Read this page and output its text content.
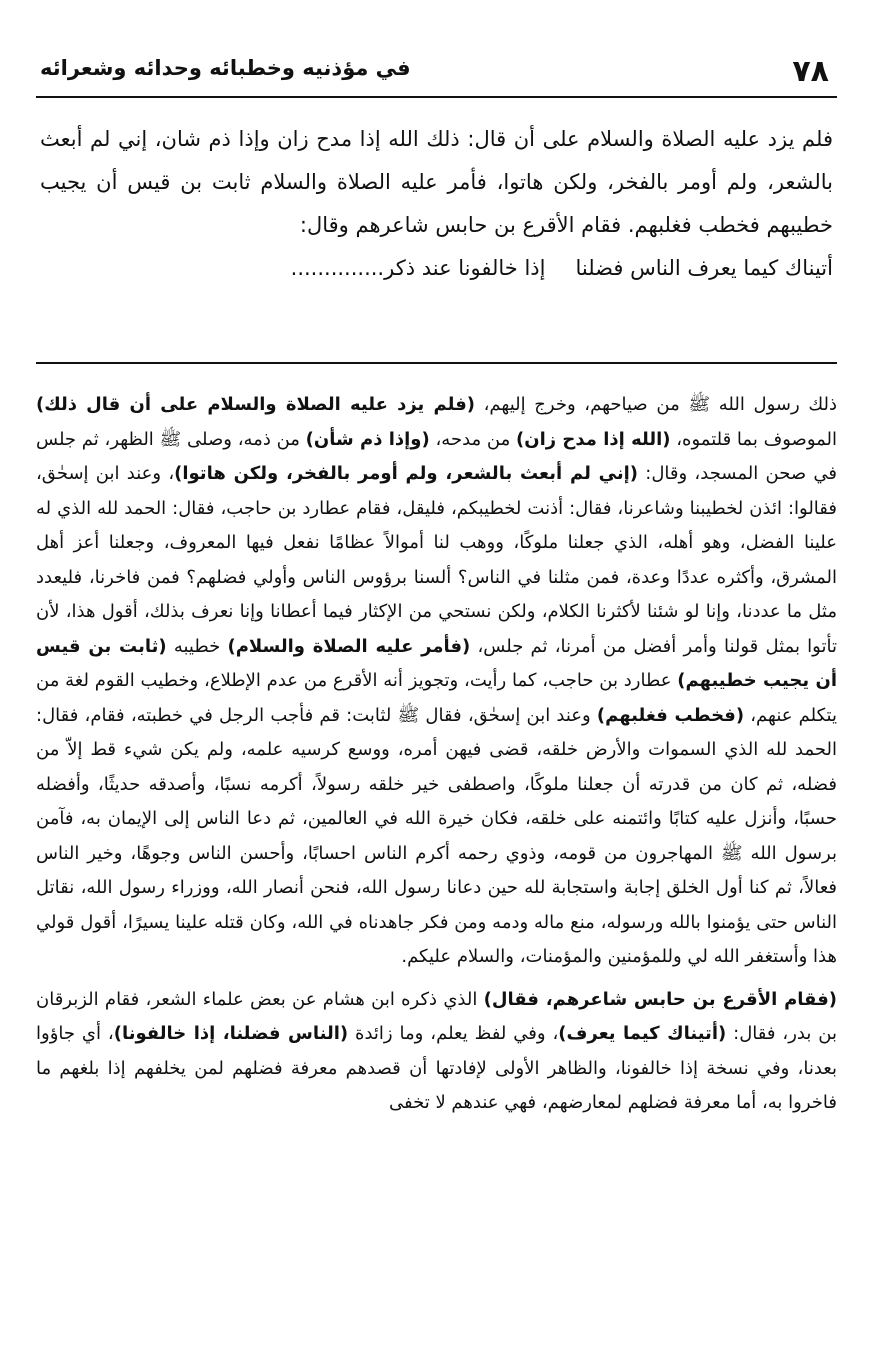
٧٨
في مؤذنيه وخطبائه وحدائه وشعرائه

فلم يزد عليه الصلاة والسلام على أن قال: ذلك الله إذا مدح زان وإذا ذم شان، إني لم أبعث بالشعر، ولم أومر بالفخر، ولكن هاتوا، فأمر عليه الصلاة والسلام ثابت بن قيس أن يجيب خطيبهم فخطب فغلبهم. فقام الأقرع بن حابس شاعرهم وقال:

أتيناك كيما يعرف الناس فضلنا
إذا خالفونا عند ذكر..............

ذلك رسول الله ﷺ من صياحهم، وخرج إليهم، (فلم يزد عليه الصلاة والسلام على أن قال ذلك) الموصوف بما قلتموه، (الله إذا مدح زان) من مدحه، (وإذا ذم شأن) من ذمه، وصلى ﷺ الظهر، ثم جلس في صحن المسجد، وقال: (إني لم أبعث بالشعر، ولم أومر بالفخر، ولكن هاتوا)، وعند ابن إسحٰق، فقالوا: ائذن لخطيبنا وشاعرنا، فقال: أذنت لخطيبكم، فليقل، فقام عطارد بن حاجب، فقال: الحمد لله الذي له علينا الفضل، وهو أهله، الذي جعلنا ملوكًا، ووهب لنا أموالاً عظامًا نفعل فيها المعروف، وجعلنا أعز أهل المشرق، وأكثره عددًا وعدة، فمن مثلنا في الناس؟ ألسنا برؤوس الناس وأولي فضلهم؟ فمن فاخرنا، فليعدد مثل ما عددنا، وإنا لو شئنا لأكثرنا الكلام، ولكن نستحي من الإكثار فيما أعطانا وإنا نعرف بذلك، أقول هذا، لأن تأتوا بمثل قولنا وأمر أفضل من أمرنا، ثم جلس، (فأمر عليه الصلاة والسلام) خطيبه (ثابت بن قيس أن يجيب خطيبهم) عطارد بن حاجب، كما رأيت، وتجويز أنه الأقرع من عدم الإطلاع، وخطيب القوم لغة من يتكلم عنهم، (فخطب فغلبهم) وعند ابن إسحٰق، فقال ﷺ لثابت: قم فأجب الرجل في خطبته، فقام، فقال: الحمد لله الذي السموات والأرض خلقه، قضى فيهن أمره، ووسع كرسيه علمه، ولم يكن شيء قط إلاّ من فضله، ثم كان من قدرته أن جعلنا ملوكًا، واصطفى خير خلقه رسولاً، أكرمه نسبًا، وأصدقه حديثًا، وأفضله حسبًا، وأنزل عليه كتابًا وائتمنه على خلقه، فكان خيرة الله في العالمين، ثم دعا الناس إلى الإيمان به، فآمن برسول الله ﷺ المهاجرون من قومه، وذوي رحمه أكرم الناس احسابًا، وأحسن الناس وجوهًا، وخير الناس فعالاً، ثم كنا أول الخلق إجابة واستجابة لله حين دعانا رسول الله، فنحن أنصار الله، ووزراء رسول الله، نقاتل الناس حتى يؤمنوا بالله ورسوله، منع ماله ودمه ومن فكر جاهدناه في الله، وكان قتله علينا يسيرًا، أقول قولي هذا وأستغفر الله لي وللمؤمنين والمؤمنات، والسلام عليكم.

(فقام الأقرع بن حابس شاعرهم، فقال) الذي ذكره ابن هشام عن بعض علماء الشعر، فقام الزبرقان بن بدر، فقال: (أتيناك كيما يعرف)، وفي لفظ يعلم، وما زائدة (الناس فضلنا، إذا خالفونا)، أي جاؤوا بعدنا، وفي نسخة إذا خالفونا، والظاهر الأولى لإفادتها أن قصدهم معرفة فضلهم لمن يخلفهم إذا بلغهم ما فاخروا به، أما معرفة فضلهم لمعارضهم، فهي عندهم لا تخفى
